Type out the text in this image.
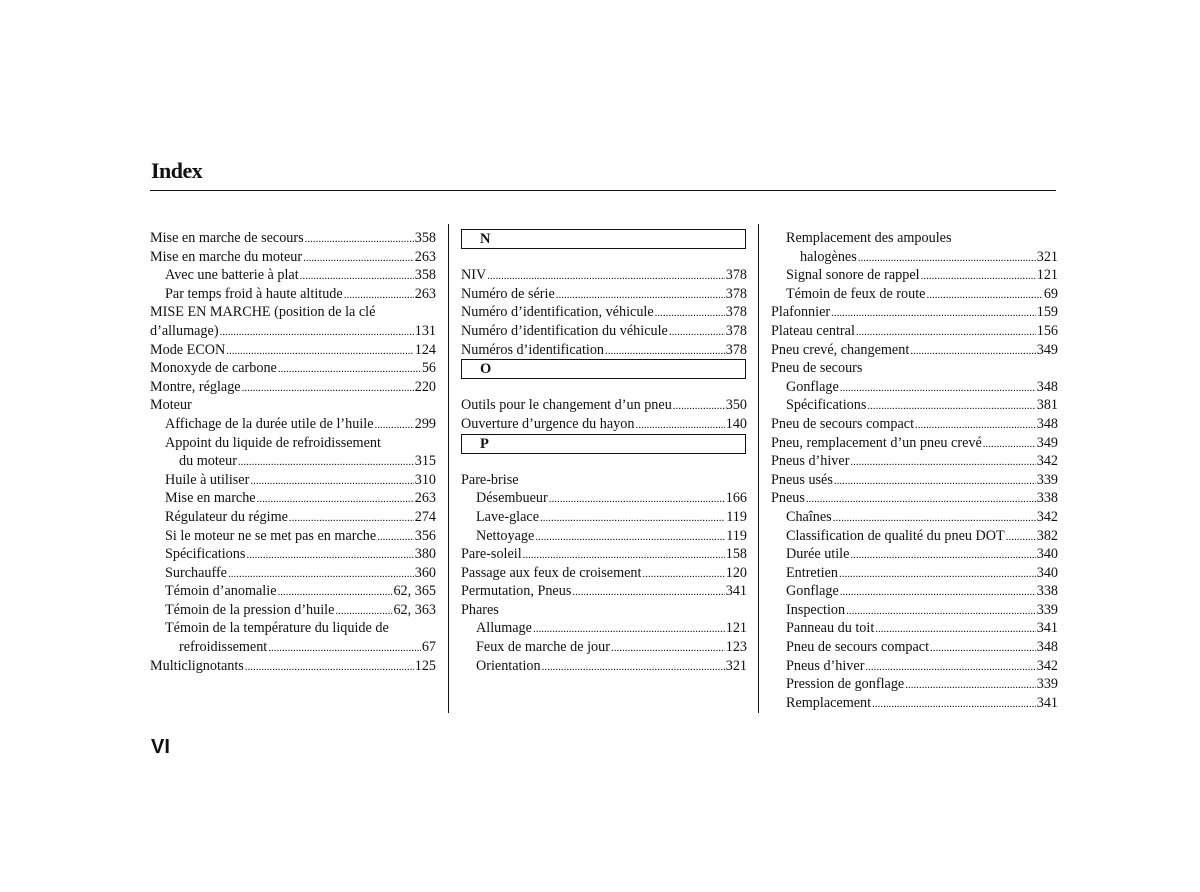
Index
Mise en marche de secours .....	358
Mise en marche du moteur .....	263
Avec une batterie à plat .....	358
Par temps froid à haute altitude .....	263
MISE EN MARCHE (position de la clé
d’allumage) .....	131
Mode ECON .....	124
Monoxyde de carbone .....	56
Montre, réglage .....	220
Moteur
Affichage de la durée utile de l’huile .....	299
Appoint du liquide de refroidissement
du moteur .....	315
Huile à utiliser .....	310
Mise en marche .....	263
Régulateur du régime .....	274
Si le moteur ne se met pas en marche .....	356
Spécifications .....	380
Surchauffe .....	360
Témoin d’anomalie .....	62, 365
Témoin de la pression d’huile .....	62, 363
Témoin de la température du liquide de
refroidissement .....	67
Multiclignotants .....	125
N
NIV .....	378
Numéro de série .....	378
Numéro d’identification, véhicule .....	378
Numéro d’identification du véhicule .....	378
Numéros d’identification .....	378
O
Outils pour le changement d’un pneu .....	350
Ouverture d’urgence du hayon .....	140
P
Pare-brise
Désembueur .....	166
Lave-glace .....	119
Nettoyage .....	119
Pare-soleil .....	158
Passage aux feux de croisement .....	120
Permutation, Pneus .....	341
Phares
Allumage .....	121
Feux de marche de jour .....	123
Orientation .....	321
Remplacement des ampoules
halogènes .....	321
Signal sonore de rappel .....	121
Témoin de feux de route .....	69
Plafonnier .....	159
Plateau central .....	156
Pneu crevé, changement .....	349
Pneu de secours
Gonflage .....	348
Spécifications .....	381
Pneu de secours compact .....	348
Pneu, remplacement d’un pneu crevé .....	349
Pneus d’hiver .....	342
Pneus usés .....	339
Pneus .....	338
Chaînes .....	342
Classification de qualité du pneu DOT ..... 382
Durée utile .....	340
Entretien .....	340
Gonflage .....	338
Inspection .....	339
Panneau du toit .....	341
Pneu de secours compact .....	348
Pneus d’hiver .....	342
Pression de gonflage .....	339
Remplacement .....	341
VI
